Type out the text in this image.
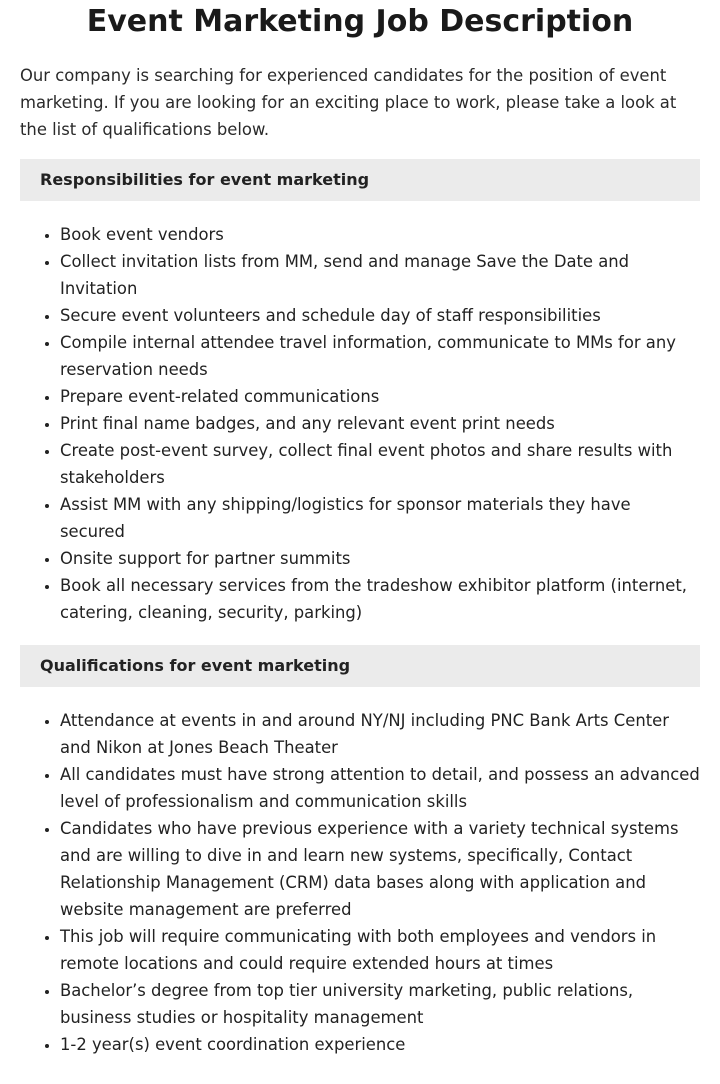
Event Marketing Job Description

Our company is searching for experienced candidates for the position of event marketing. If you are looking for an exciting place to work, please take a look at the list of qualifications below.

Responsibilities for event marketing
• Book event vendors
• Collect invitation lists from MM, send and manage Save the Date and Invitation
• Secure event volunteers and schedule day of staff responsibilities
• Compile internal attendee travel information, communicate to MMs for any reservation needs
• Prepare event-related communications
• Print final name badges, and any relevant event print needs
• Create post-event survey, collect final event photos and share results with stakeholders
• Assist MM with any shipping/logistics for sponsor materials they have secured
• Onsite support for partner summits
• Book all necessary services from the tradeshow exhibitor platform (internet, catering, cleaning, security, parking)
Qualifications for event marketing
• Attendance at events in and around NY/NJ including PNC Bank Arts Center and Nikon at Jones Beach Theater
• All candidates must have strong attention to detail, and possess an advanced level of professionalism and communication skills
• Candidates who have previous experience with a variety technical systems and are willing to dive in and learn new systems, specifically, Contact Relationship Management (CRM) data bases along with application and website management are preferred
• This job will require communicating with both employees and vendors in remote locations and could require extended hours at times
• Bachelor’s degree from top tier university marketing, public relations, business studies or hospitality management
• 1-2 year(s) event coordination experience
